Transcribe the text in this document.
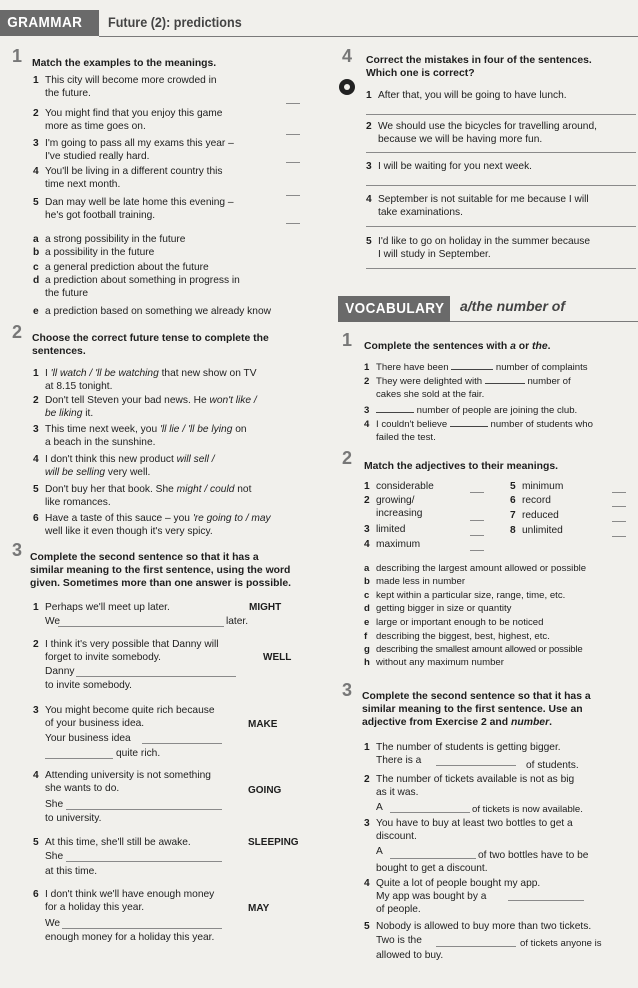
GRAMMAR	Future (2): predictions
1 Match the examples to the meanings.
1 This city will become more crowded in
the future.
2 You might find that you enjoy this game
more as time goes on.
3 I'm going to pass all my exams this year –
I've studied really hard.
4 You'll be living in a different country this
time next month.
5 Dan may well be late home this evening –
he's got football training.
a a strong possibility in the future
b a possibility in the future
c a general prediction about the future
d a prediction about something in progress in
the future
e a prediction based on something we already know
2 Choose the correct future tense to complete the
sentences.
1 I 'll watch / 'll be watching that new show on TV
at 8.15 tonight.
2 Don't tell Steven your bad news. He won't like /
be liking it.
3 This time next week, you 'll lie / 'll be lying on
a beach in the sunshine.
4 I don't think this new product will sell /
will be selling very well.
5 Don't buy her that book. She might / could not
like romances.
6 Have a taste of this sauce – you 're going to / may
well like it even though it's very spicy.
3 Complete the second sentence so that it has a
similar meaning to the first sentence, using the word
given. Sometimes more than one answer is possible.
1 Perhaps we'll meet up later.	MIGHT
We	later.
2 I think it's very possible that Danny will
forget to invite somebody.	WELL
Danny
to invite somebody.
3 You might become quite rich because
of your business idea.	MAKE
Your business idea
quite rich.
4 Attending university is not something
she wants to do.	GOING
She
to university.
5 At this time, she'll still be awake.	SLEEPING
She
at this time.
6 I don't think we'll have enough money
for a holiday this year.	MAY
We
enough money for a holiday this year.
4 Correct the mistakes in four of the sentences.
Which one is correct?
1 After that, you will be going to have lunch.
2 We should use the bicycles for travelling around,
because we will be having more fun.
3 I will be waiting for you next week.
4 September is not suitable for me because I will
take examinations.
5 I'd like to go on holiday in the summer because
I will study in September.
VOCABULARY a/the number of
1 Complete the sentences with a or the.
1 There have been	number of complaints
2 They were delighted with	number of
cakes she sold at the fair.
3	number of people are joining the club.
4 I couldn't believe	number of students who
failed the test.
2 Match the adjectives to their meanings.
1 considerable
2 growing/
increasing
3 limited
4 maximum
5 minimum
6 record
7 reduced
8 unlimited
a describing the largest amount allowed or possible
b made less in number
c kept within a particular size, range, time, etc.
d getting bigger in size or quantity
e large or important enough to be noticed
f describing the biggest, best, highest, etc.
g describing the smallest amount allowed or possible
h without any maximum number
3 Complete the second sentence so that it has a
similar meaning to the first sentence. Use an
adjective from Exercise 2 and number.
1 The number of students is getting bigger.
There is a	of students.
2 The number of tickets available is not as big
as it was.
A	of tickets is now available.
3 You have to buy at least two bottles to get a
discount.
A	of two bottles have to be
bought to get a discount.
4 Quite a lot of people bought my app.
My app was bought by a
of people.
5 Nobody is allowed to buy more than two tickets.
Two is the	of tickets anyone is
allowed to buy.
